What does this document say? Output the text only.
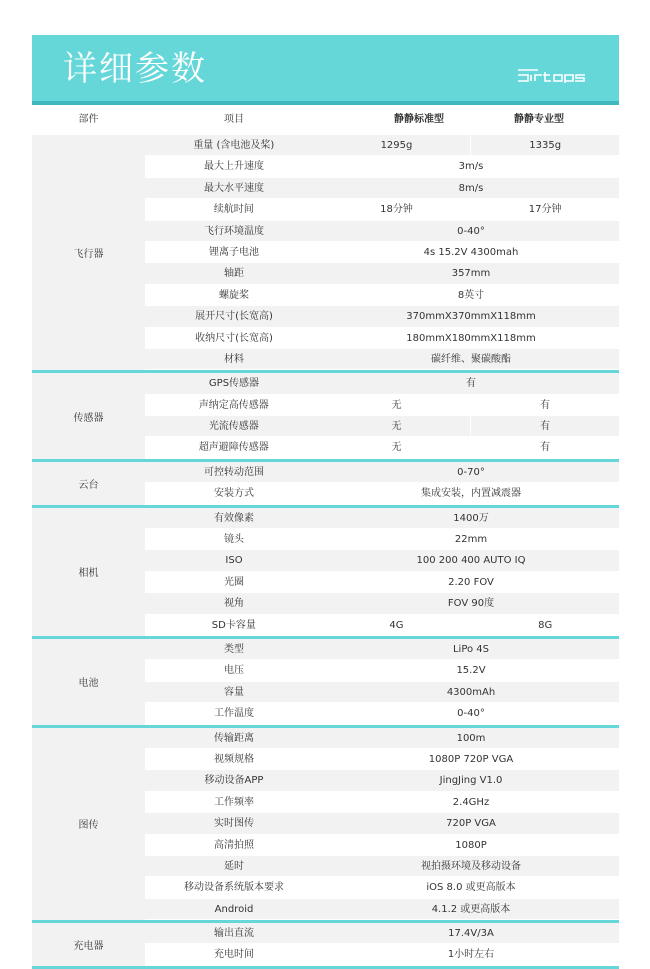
详细参数
部件	项目	静静标准型	静静专业型
飞行器
重量 (含电池及桨)	1295g	1335g
最大上升速度	3m/s
最大水平速度	8m/s
续航时间	18分钟	17分钟
飞行环境温度	0-40°
锂离子电池	4s 15.2V 4300mah
轴距	357mm
螺旋桨	8英寸
展开尺寸(长宽高)	370mmX370mmX118mm
收纳尺寸(长宽高)	180mmX180mmX118mm
材料	碳纤维、聚碳酸酯
传感器
GPS传感器	有
声纳定高传感器	无	有
光流传感器	无	有
超声避障传感器	无	有
云台
可控转动范围	0-70°
安装方式	集成安装，内置减震器
相机
有效像素	1400万
镜头	22mm
ISO	100 200 400 AUTO IQ
光圈	2.20 FOV
视角	FOV 90度
SD卡容量	4G	8G
电池
类型	LiPo 4S
电压	15.2V
容量	4300mAh
工作温度	0-40°
图传
传输距离	100m
视频规格	1080P 720P VGA
移动设备APP	JingJing V1.0
工作频率	2.4GHz
实时图传	720P VGA
高清拍照	1080P
延时	视拍摄环境及移动设备
移动设备系统版本要求	iOS 8.0 或更高版本
Android	4.1.2 或更高版本
充电器
输出直流	17.4V/3A
充电时间	1小时左右
